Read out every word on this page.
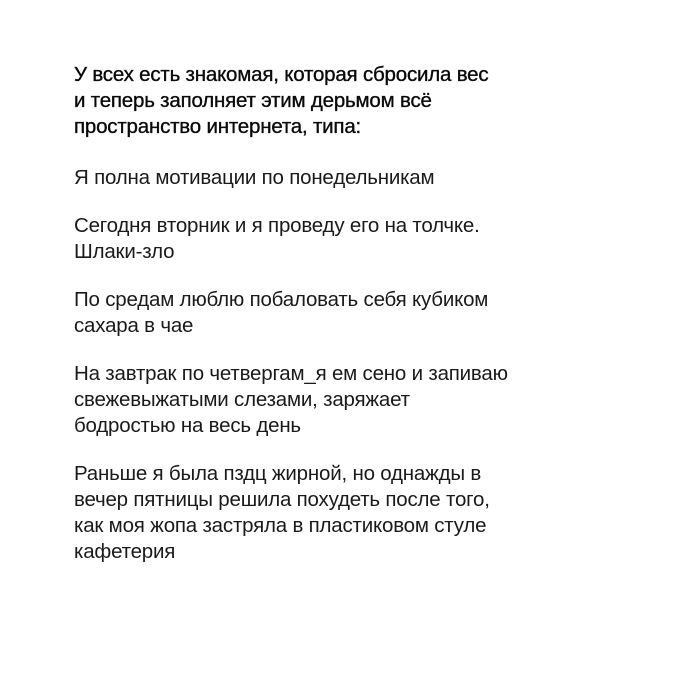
У всех есть знакомая, которая сбросила вес
и теперь заполняет этим дерьмом всё
пространство интернета, типа:

Я полна мотивации по понедельникам

Сегодня вторник и я проведу его на толчке.
Шлаки-зло

По средам люблю побаловать себя кубиком
сахара в чае

На завтрак по четвергам_я ем сено и запиваю
свежевыжатыми слезами, заряжает
бодростью на весь день

Раньше я была пздц жирной, но однажды в
вечер пятницы решила похудеть после того,
как моя жопа застряла в пластиковом стуле
кафетерия
